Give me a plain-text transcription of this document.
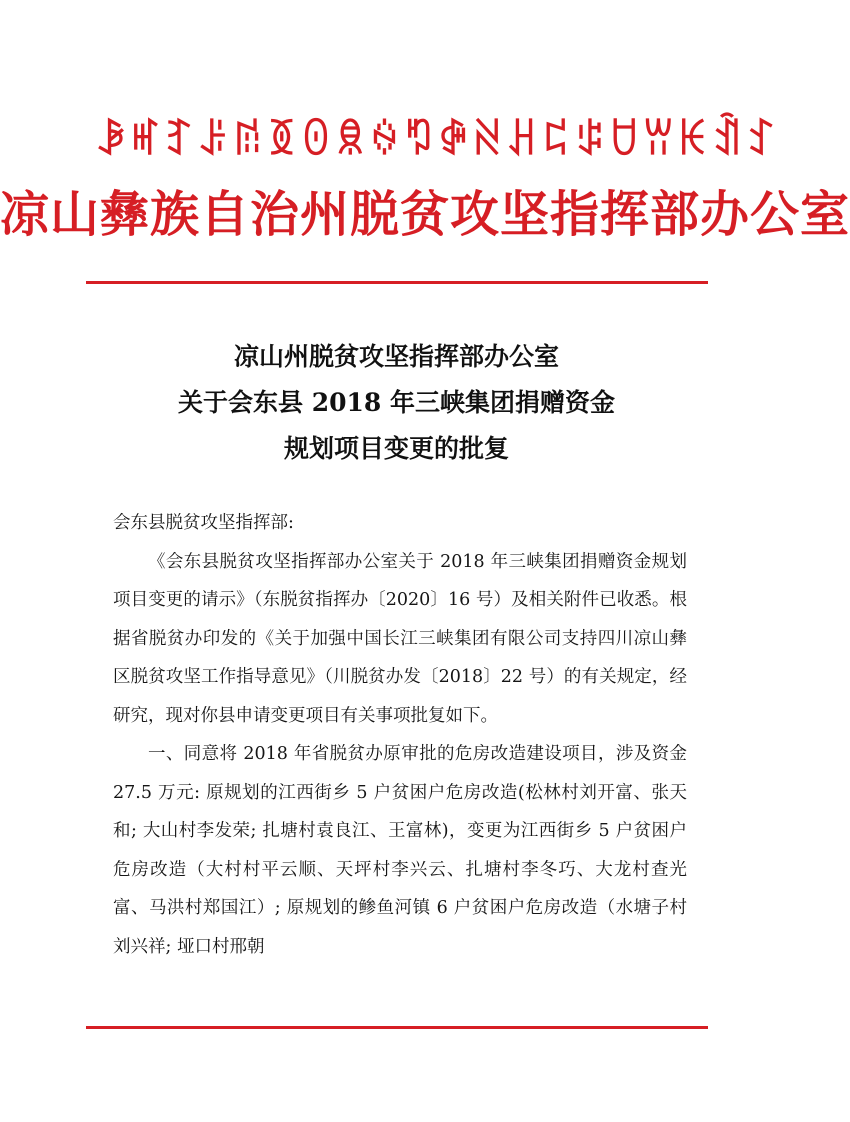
ꆃꎭꆈꌠꋓꅉꏿꌋꍈꑳꋤꋊꃅꁊꌒꇴꀕꀘꀉꉘ
凉山彝族自治州脱贫攻坚指挥部办公室
凉山州脱贫攻坚指挥部办公室
关于会东县 2018 年三峡集团捐赠资金
规划项目变更的批复

会东县脱贫攻坚指挥部:

《会东县脱贫攻坚指挥部办公室关于 2018 年三峡集团捐赠资金规划项目变更的请示》（东脱贫指挥办〔2020〕16 号）及相关附件已收悉。根据省脱贫办印发的《关于加强中国长江三峡集团有限公司支持四川凉山彝区脱贫攻坚工作指导意见》（川脱贫办发〔2018〕22 号）的有关规定，经研究，现对你县申请变更项目有关事项批复如下。

一、同意将 2018 年省脱贫办原审批的危房改造建设项目，涉及资金 27.5 万元: 原规划的江西街乡 5 户贫困户危房改造(松林村刘开富、张天和; 大山村李发荣; 扎塘村袁良江、王富林)，变更为江西街乡 5 户贫困户危房改造（大村村平云顺、天坪村李兴云、扎塘村李冬巧、大龙村查光富、马洪村郑国江）; 原规划的鲹鱼河镇 6 户贫困户危房改造（水塘子村刘兴祥; 垭口村邢朝
